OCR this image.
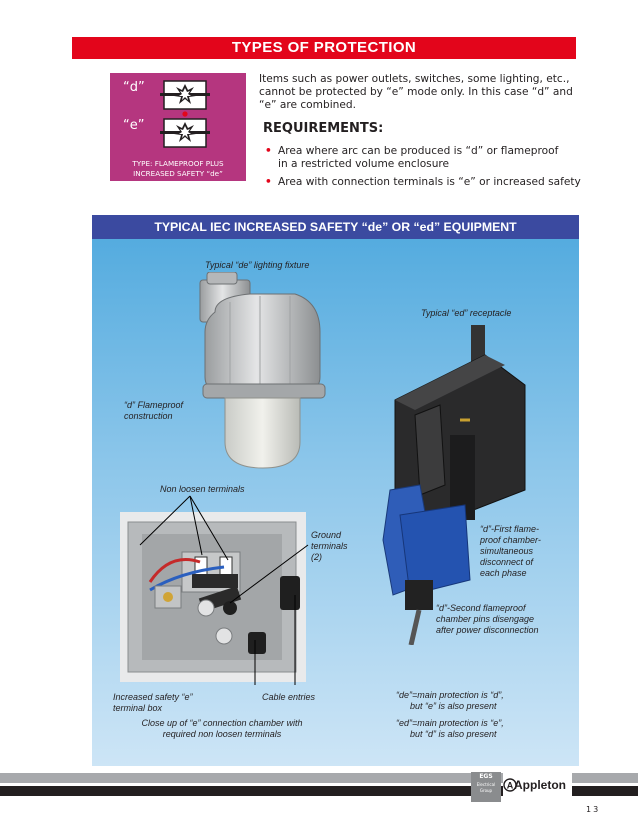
TYPES OF PROTECTION
“d”
“e”
TYPE: FLAMEPROOF PLUS
INCREASED SAFETY “de”
Items such as power outlets, switches, some lighting, etc., cannot be protected by “e” mode only. In this case “d” and “e” are combined.
REQUIREMENTS:
• Area where arc can be produced is “d” or flameproof
in a restricted volume enclosure
• Area with connection terminals is “e” or increased safety
TYPICAL IEC INCREASED SAFETY “de” OR “ed” EQUIPMENT
Typical “de” lighting fixture
Typical “ed” receptacle
“d” Flameproof
construction
Non loosen terminals
Ground
terminals
(2)
“d”-First flame-
proof chamber-
simultaneous
disconnect of
each phase
“d”-Second flameproof
chamber pins disengage
after power disconnection
Increased safety “e”
terminal box
Cable entries
Close up of “e” connection chamber with
required non loosen terminals
“de”=main protection is “d”,
but “e” is also present
“ed”=main protection is “e”,
but “d” is also present
EGS
Electrical Group	A Appleton
13
